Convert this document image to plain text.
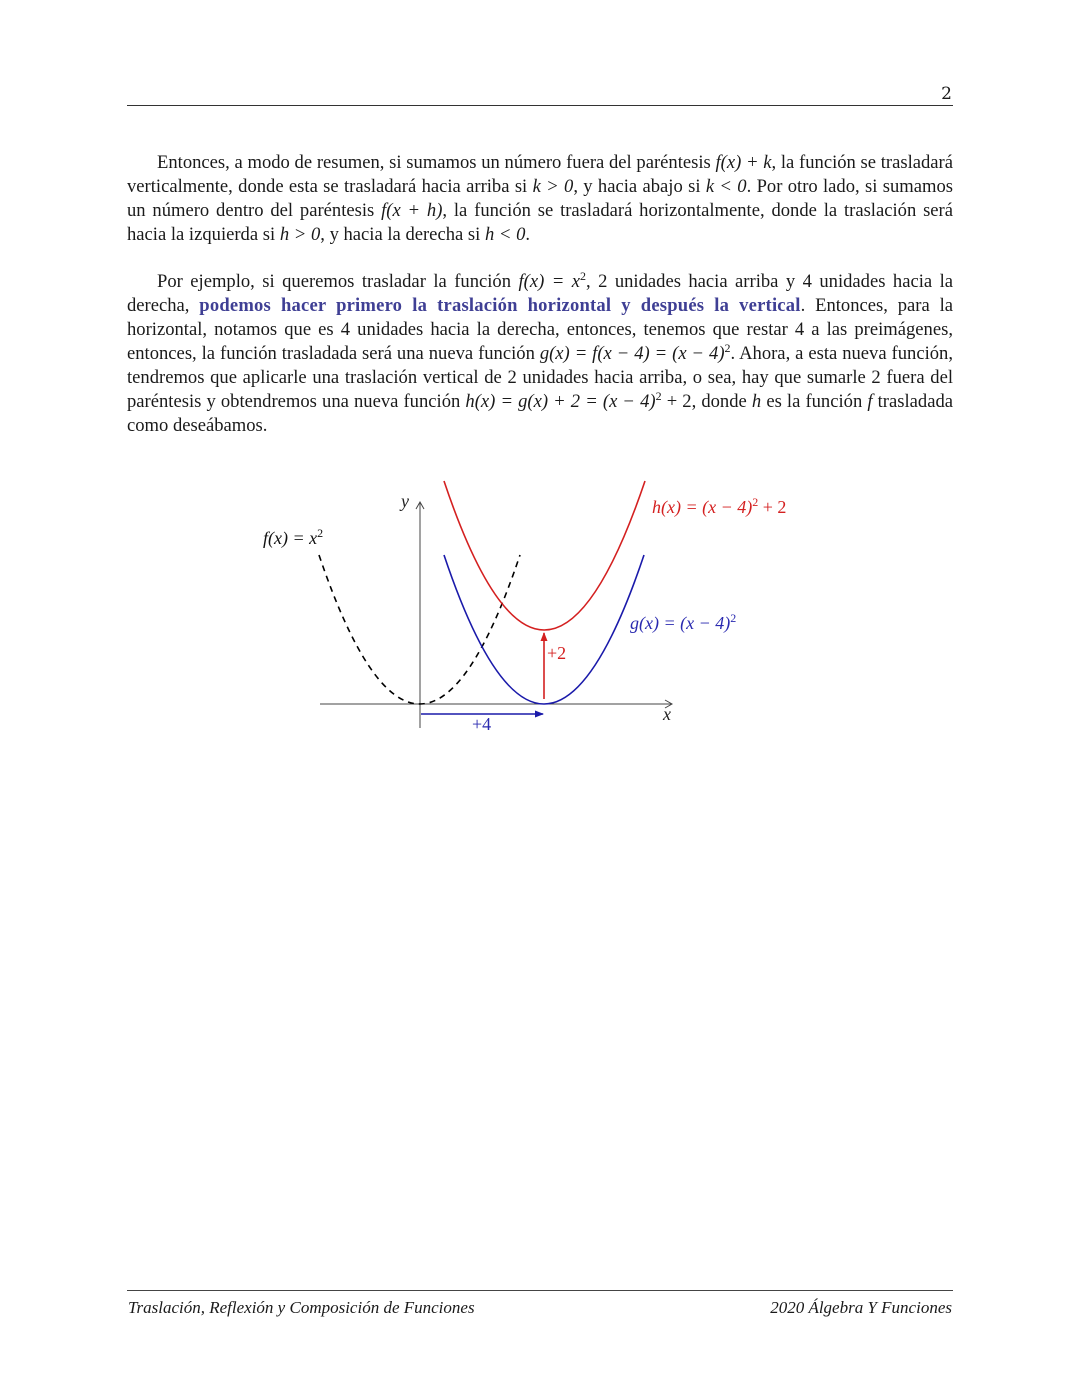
2

Entonces, a modo de resumen, si sumamos un número fuera del paréntesis f(x) + k, la función se trasladará verticalmente, donde esta se trasladará hacia arriba si k > 0, y hacia abajo si k < 0. Por otro lado, si sumamos un número dentro del paréntesis f(x + h), la función se trasladará horizontalmente, donde la traslación será hacia la izquierda si h > 0, y hacia la derecha si h < 0.

Por ejemplo, si queremos trasladar la función $f(x) = x^2$, 2 unidades hacia arriba y 4 unidades hacia la derecha, podemos hacer primero la traslación horizontal y después la vertical. Entonces, para la horizontal, notamos que es 4 unidades hacia la derecha, entonces, tenemos que restar 4 a las preimágenes, entonces, la función trasladada será una nueva función $g(x) = f(x - 4) = (x - 4)^2$. Ahora, a esta nueva función, tendremos que aplicarle una traslación vertical de 2 unidades hacia arriba, o sea, hay que sumarle 2 fuera del paréntesis y obtendremos una nueva función $h(x) = g(x) + 2 = (x - 4)^2 + 2$, donde h es la función f trasladada como deseábamos.

y
x
$f(x) = x^2$
$h(x) = (x - 4)^2 + 2$
$g(x) = (x - 4)^2$
+2
+4
Traslación, Reflexión y Composición de Funciones	2020 Álgebra Y Funciones
